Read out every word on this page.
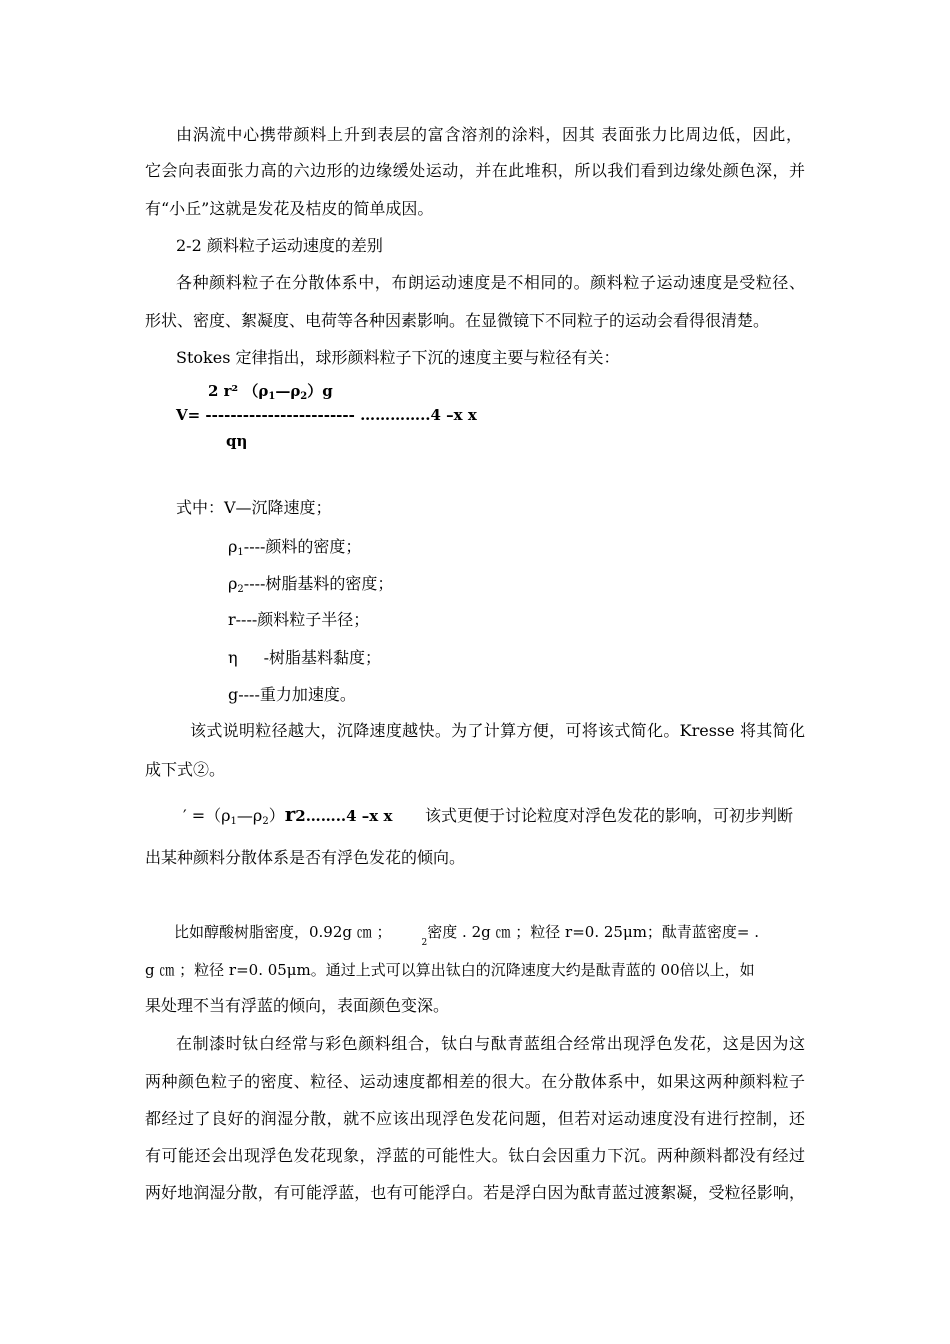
由涡流中心携带颜料上升到表层的富含溶剂的涂料，因其 表面张力比周边低，因此，
它会向表面张力高的六边形的边缘缓处运动，并在此堆积，所以我们看到边缘处颜色深，并
有“小丘”这就是发花及桔皮的简单成因。
2-2 颜料粒子运动速度的差别
各种颜料粒子在分散体系中，布朗运动速度是不相同的。颜料粒子运动速度是受粒径、
形状、密度、絮凝度、电荷等各种因素影响。在显微镜下不同粒子的运动会看得很清楚。
Stokes 定律指出，球形颜料粒子下沉的速度主要与粒径有关：
2 r² $(\rho_1—\rho_2)g$
V= ------------------------ …………..4 –x x
qη
式中：V—沉降速度；
$\rho_1----$颜料的密度；
$\rho_2----$树脂基料的密度；
r----颜料粒子半径；
η -树脂基料黏度；
g----重力加速度。
该式说明粒径越大，沉降速度越快。为了计算方便，可将该式简化。Kresse 将其简化
成下式②。
′ $=(\rho_1—\rho_2)r2\dots\dots..4$ –x x 该式更便于讨论粒度对浮色发花的影响，可初步判断
出某种颜料分散体系是否有浮色发花的倾向。
比如醇酸树脂密度，0.92g ㎝ ；2密度 . 2g ㎝ ；粒径 r=0. 25μm；酞青蓝密度= .
g ㎝ ；粒径 r=0. 05μm。通过上式可以算出钛白的沉降速度大约是酞青蓝的 00倍以上，如
果处理不当有浮蓝的倾向，表面颜色变深。
在制漆时钛白经常与彩色颜料组合，钛白与酞青蓝组合经常出现浮色发花，这是因为这
两种颜色粒子的密度、粒径、运动速度都相差的很大。在分散体系中，如果这两种颜料粒子
都经过了良好的润湿分散，就不应该出现浮色发花问题，但若对运动速度没有进行控制，还
有可能还会出现浮色发花现象，浮蓝的可能性大。钛白会因重力下沉。两种颜料都没有经过
两好地润湿分散，有可能浮蓝，也有可能浮白。若是浮白因为酞青蓝过渡絮凝，受粒径影响，
